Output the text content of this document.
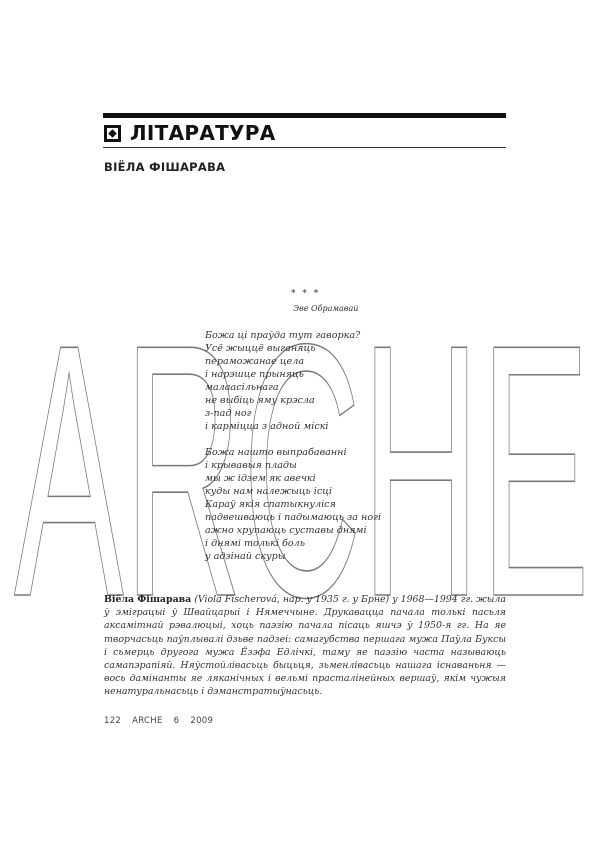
ЛІТАРАТУРА
ВІЁЛА ФІШАРАВА
ARCHE
* * *
Эве Обрамавай
Божа ці праўда тут гаворка?
Усё жыццё выганяць
пераможанае цела
і нарэшце прыняць
малаасільнага
не выбіць яму крэсла
з-пад ног
і карміцца з адной міскі
Божа нашто выпрабаванні
і крывавыя плады
мы ж ідзем як авечкі
куды нам належыць ісці
Караў якія спатыкнуліся
падвешваюць і падымаюць за ногі
ажно хрупаюць суставы днямі
і днямі толькі боль
у адзінай скуры
Віёла Фішарава (Viola Fischerová, нар. у 1935 г. у Брне) у 1968—1994 гг. жыла ў эміграцыі ў Швайцарыі і Нямеччыне. Друкавацца пачала толькі пасьля аксамітнай рэвалюцыі, хоць паэзію пачала пісаць яшчэ ў 1950-я гг. На яе творчасьць паўплывалі дзьве падзеі: самагубства першага мужа Паўла Буксы і сьмерць другога мужа Ёзэфа Едлічкі, таму яе паэзію часта называюць самапэрапіяй. Няўстойлівасьць быцьця, зьменлівасьць нашага існаваньня — вось дамінанты яе лякaнічных і вельмі прасталінейных вершаў, якім чужыя ненатуральнасьць і дэманстратыўнасьць.
122 ARCHE 6 2009
